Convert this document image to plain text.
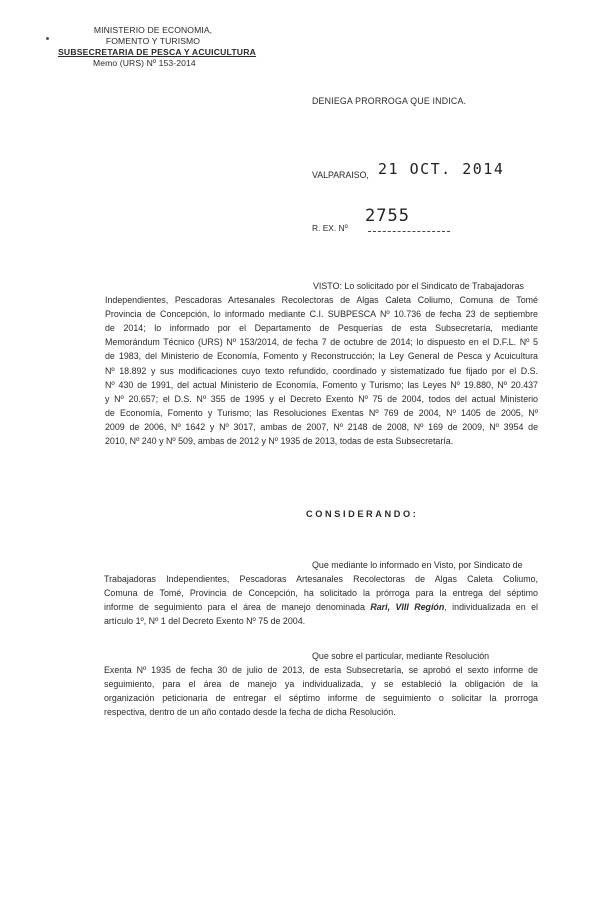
MINISTERIO DE ECONOMIA,
FOMENTO Y TURISMO
SUBSECRETARIA DE PESCA Y ACUICULTURA
Memo (URS) Nº 153-2014
DENIEGA PRORROGA QUE INDICA.
VALPARAISO, 21 OCT. 2014
R. EX. Nº
2755
VISTO: Lo solicitado por el Sindicato de Trabajadoras
Independientes, Pescadoras Artesanales Recolectoras de Algas Caleta Coliumo, Comuna de Tomé
Provincia de Concepción, lo informado mediante C.I. SUBPESCA Nº 10.736 de fecha 23 de septiembre
de 2014; lo informado por el Departamento de Pesquerías de esta Subsecretaría, mediante
Memorándum Técnico (URS) Nº 153/2014, de fecha 7 de octubre de 2014; lo dispuesto en el D.F.L. Nº 5
de 1983, del Ministerio de Economía, Fomento y Reconstrucción; la Ley General de Pesca y Acuicultura
Nº 18.892 y sus modificaciones cuyo texto refundido, coordinado y sistematizado fue fijado por el D.S.
Nº 430 de 1991, del actual Ministerio de Economía, Fomento y Turismo; las Leyes Nº 19.880, Nº 20.437
y Nº 20.657; el D.S. Nº 355 de 1995 y el Decreto Exento Nº 75 de 2004, todos del actual Ministerio
de Economía, Fomento y Turismo; las Resoluciones Exentas Nº 769 de 2004, Nº 1405 de 2005, Nº
2009 de 2006, Nº 1642 y Nº 3017, ambas de 2007, Nº 2148 de 2008, Nº 169 de 2009, Nº 3954 de
2010, Nº 240 y Nº 509, ambas de 2012 y Nº 1935 de 2013, todas de esta Subsecretaría.
CONSIDERANDO:
Que mediante lo informado en Visto, por Sindicato de
Trabajadoras Independientes, Pescadoras Artesanales Recolectoras de Algas Caleta Coliumo,
Comuna de Tomé, Provincia de Concepción, ha solicitado la prórroga para la entrega del séptimo
informe de seguimiento para el área de manejo denominada Rari, VIII Región, individualizada en el
artículo 1º, Nº 1 del Decreto Exento Nº 75 de 2004.
Que sobre el particular, mediante Resolución
Exenta Nº 1935 de fecha 30 de julio de 2013, de esta Subsecretaría, se aprobó el sexto informe de
seguimiento, para el área de manejo ya individualizada, y se estableció la obligación de la
organización peticionaria de entregar el séptimo informe de seguimiento o solicitar la prorroga
respectiva, dentro de un año contado desde la fecha de dicha Resolución.
